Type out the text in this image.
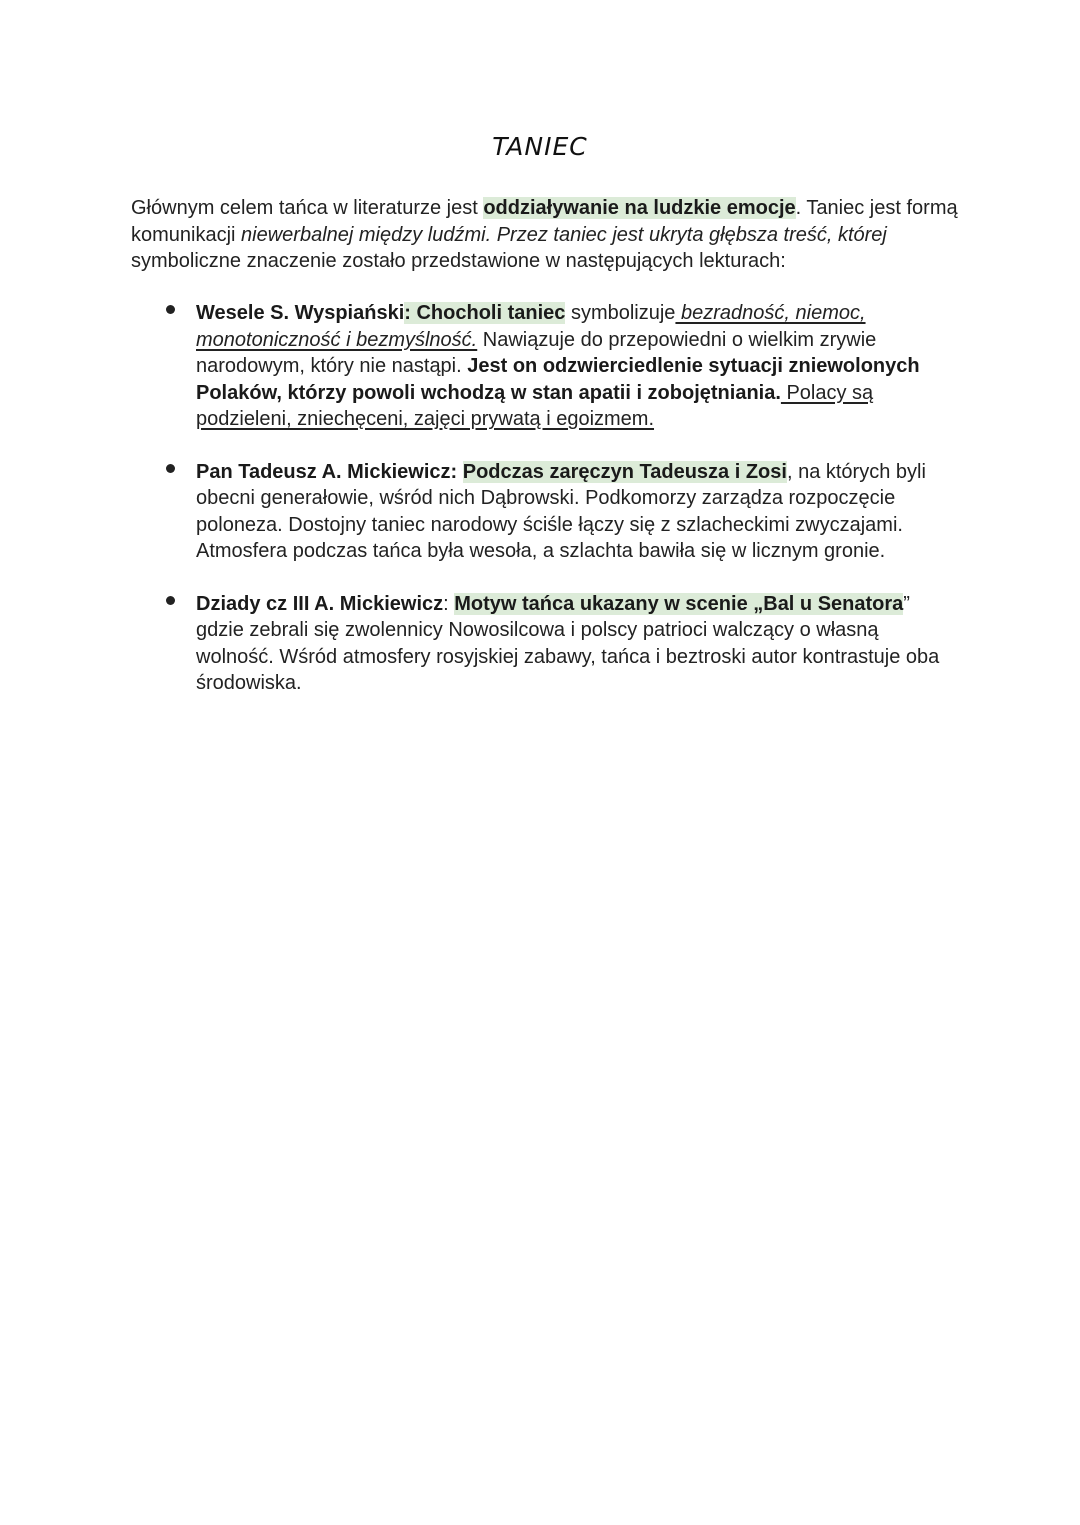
TANIEC

Głównym celem tańca w literaturze jest oddziaływanie na ludzkie emocje. Taniec jest formą komunikacji niewerbalnej między ludźmi. Przez taniec jest ukryta głębsza treść, której symboliczne znaczenie zostało przedstawione w następujących lekturach:

Wesele S. Wyspiański: Chocholi taniec symbolizuje bezradność, niemoc, monotoniczność i bezmyślność. Nawiązuje do przepowiedni o wielkim zrywie narodowym, który nie nastąpi. Jest on odzwierciedlenie sytuacji zniewolonych Polaków, którzy powoli wchodzą w stan apatii i zobojętniania. Polacy są podzieleni, zniechęceni, zajęci prywatą i egoizmem.

Pan Tadeusz A. Mickiewicz: Podczas zaręczyn Tadeusza i Zosi, na których byli obecni generałowie, wśród nich Dąbrowski. Podkomorzy zarządza rozpoczęcie poloneza. Dostojny taniec narodowy ściśle łączy się z szlacheckimi zwyczajami. Atmosfera podczas tańca była wesoła, a szlachta bawiła się w licznym gronie.

Dziady cz III A. Mickiewicz: Motyw tańca ukazany w scenie „Bal u Senatora” gdzie zebrali się zwolennicy Nowosilcowa i polscy patrioci walczący o własną wolność. Wśród atmosfery rosyjskiej zabawy, tańca i beztroski autor kontrastuje oba środowiska.
